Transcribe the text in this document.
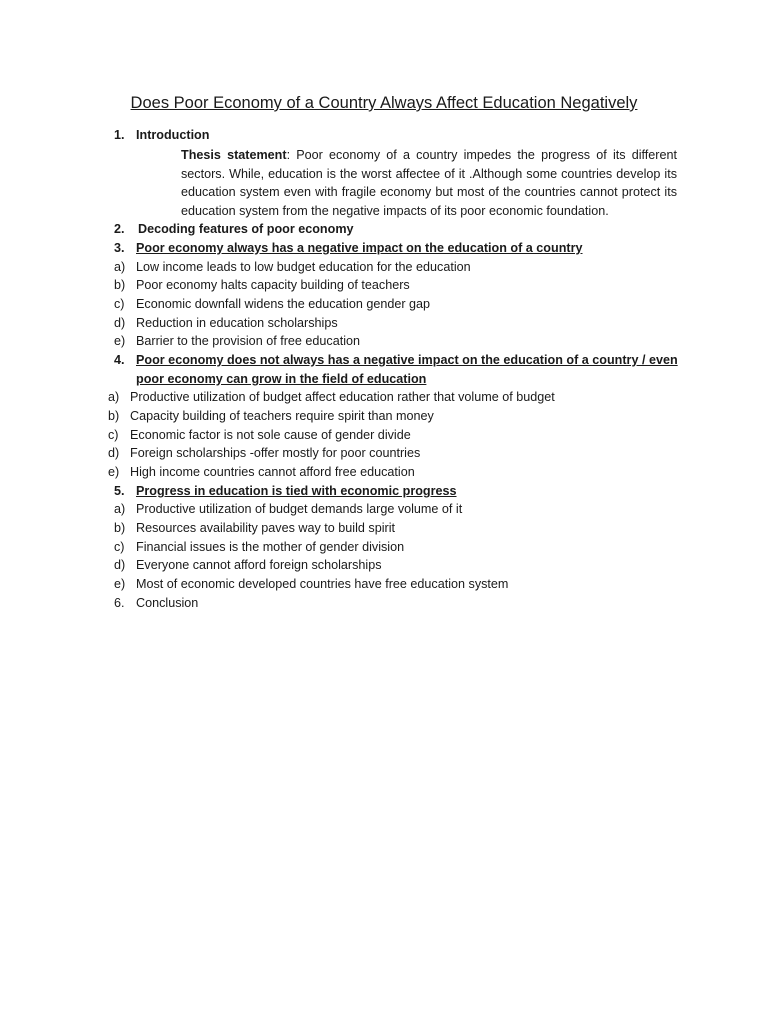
Does Poor Economy of a Country Always Affect Education Negatively
1. Introduction
Thesis statement: Poor economy of a country impedes the progress of its different sectors. While, education is the worst affectee of it .Although some countries develop its education system even with fragile economy but most of the countries cannot protect its education system from the negative impacts of its poor economic foundation.
2. Decoding features of poor economy
3. Poor economy always has a negative impact on the education of a country
a) Low income leads to low budget education for the education
b) Poor economy halts capacity building of teachers
c) Economic downfall widens the education gender gap
d) Reduction in education scholarships
e) Barrier to the provision of free education
4. Poor economy does not always has a negative impact on the education of a country / even
poor economy can grow in the field of education
a) Productive utilization of budget affect education rather that volume of budget
b) Capacity building of teachers require spirit than money
c) Economic factor is not sole cause of gender divide
d) Foreign scholarships -offer mostly for poor countries
e) High income countries cannot afford free education
5. Progress in education is tied with economic progress
a) Productive utilization of budget demands large volume of it
b) Resources availability paves way to build spirit
c) Financial issues is the mother of gender division
d) Everyone cannot afford foreign scholarships
e) Most of economic developed countries have free education system
6. Conclusion
